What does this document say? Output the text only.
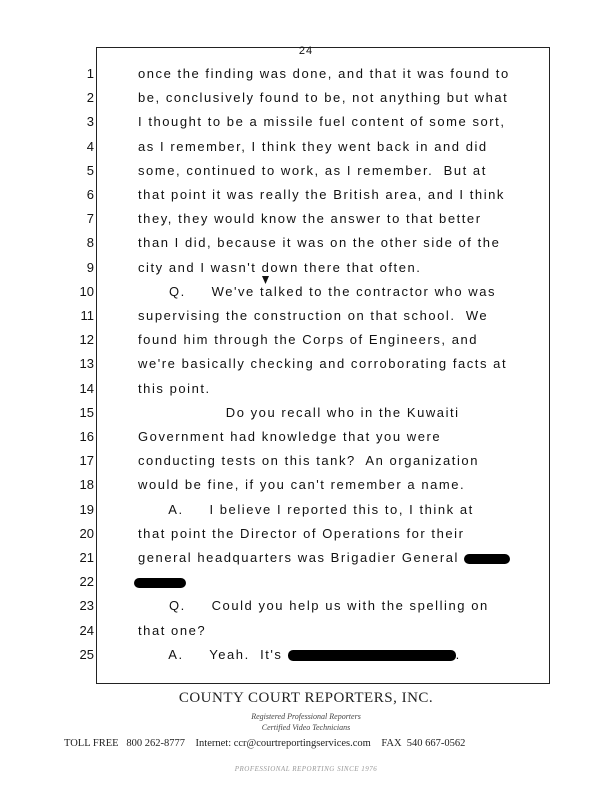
24
1	once the finding was done, and that it was found to
2	be, conclusively found to be, not anything but what
3	I thought to be a missile fuel content of some sort,
4	as I remember, I think they went back in and did
5	some, continued to work, as I remember.  But at
6	that point it was really the British area, and I think
7	they, they would know the answer to that better
8	than I did, because it was on the other side of the
9	city and I wasn't down there that often.
10	Q.     We've talked to the contractor who was
11	supervising the construction on that school.  We
12	found him through the Corps of Engineers, and
13	we're basically checking and corroborating facts at
14	this point.
15	Do you recall who in the Kuwaiti
16	Government had knowledge that you were
17	conducting tests on this tank?  An organization
18	would be fine, if you can't remember a name.
19	A.     I believe I reported this to, I think at
20	that point the Director of Operations for their
21	general headquarters was Brigadier General
22
23	Q.     Could you help us with the spelling on
24	that one?
25	A.     Yeah.  It's	.
COUNTY COURT REPORTERS, INC.
Registered Professional Reporters
Certified Video Technicians
TOLL FREE   800 262-8777 Internet: ccr@courtreportingservices.com FAX  540 667-0562
PROFESSIONAL REPORTING SINCE 1976
